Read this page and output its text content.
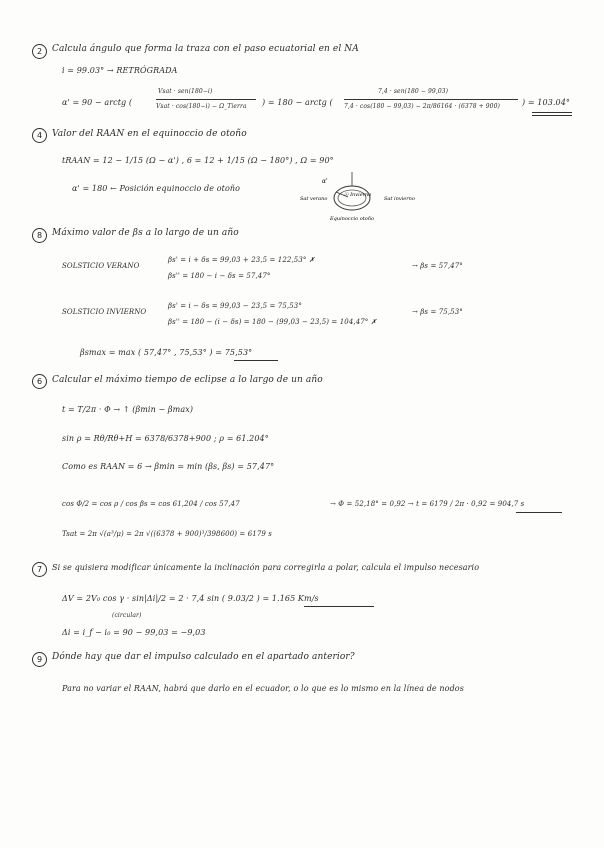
2	Calcula ángulo que forma la traza con el paso ecuatorial en el NA
i = 99.03° → RETRÓGRADA
α' = 90 − arctg (
Vsat · sen(180−i)
Vsat · cos(180−i) − Ω_Tierra ) = 180 − arctg (
7,4 · sen(180 − 99,03)
7,4 · cos(180 − 99,03) − 2π/86164 · (6378 + 900)	) = 103.04°
4	Valor del RAAN en el equinoccio de otoño
tRAAN = 12 − 1/15 (Ω − α') , 6 = 12 + 1/15 (Ω − 180°) , Ω = 90°
α' = 180 ← Posición equinoccio de otoño
α'
☉ Invierno
Sat verano	Sat invierno
Equinoccio otoño
8	Máximo valor de βs a lo largo de un año
SOLSTICIO VERANO
βs' = i + δs = 99,03 + 23,5 = 122,53° ✗
βs'' = 180 − i − δs = 57,47°
→ βs = 57,47°
SOLSTICIO INVIERNO
βs' = i − δs = 99,03 − 23,5 = 75,53°
βs'' = 180 − (i − δs) = 180 − (99,03 − 23,5) = 104,47° ✗
→ βs = 75,53°
βsmax = max ( 57,47° , 75,53° ) = 75,53°
6	Calcular el máximo tiempo de eclipse a lo largo de un año
t = T/2π · Φ → ↑ (βmin − βmax)
sin ρ = Rθ/Rθ+H = 6378/6378+900 ; ρ = 61.204°
Como es RAAN = 6 → βmin = min (βs, βs) = 57,47°
cos Φ/2 = cos ρ / cos βs = cos 61,204 / cos 57,47	→ Φ = 52,18° = 0,92 → t = 6179 / 2π · 0,92 = 904,7 s
Tsat = 2π √(a³/μ) = 2π √((6378 + 900)³/398600) = 6179 s
7	Si se quisiera modificar únicamente la inclinación para corregirla a polar, calcula el impulso necesario
ΔV = 2V₀ cos γ · sin|Δi|/2 = 2 · 7,4 sin ( 9.03/2 ) = 1.165 Km/s
(circular)
Δi = i_f − i₀ = 90 − 99,03 = −9,03
9	Dónde hay que dar el impulso calculado en el apartado anterior?
Para no variar el RAAN, habrá que darlo en el ecuador, o lo que es lo mismo en la línea de nodos
